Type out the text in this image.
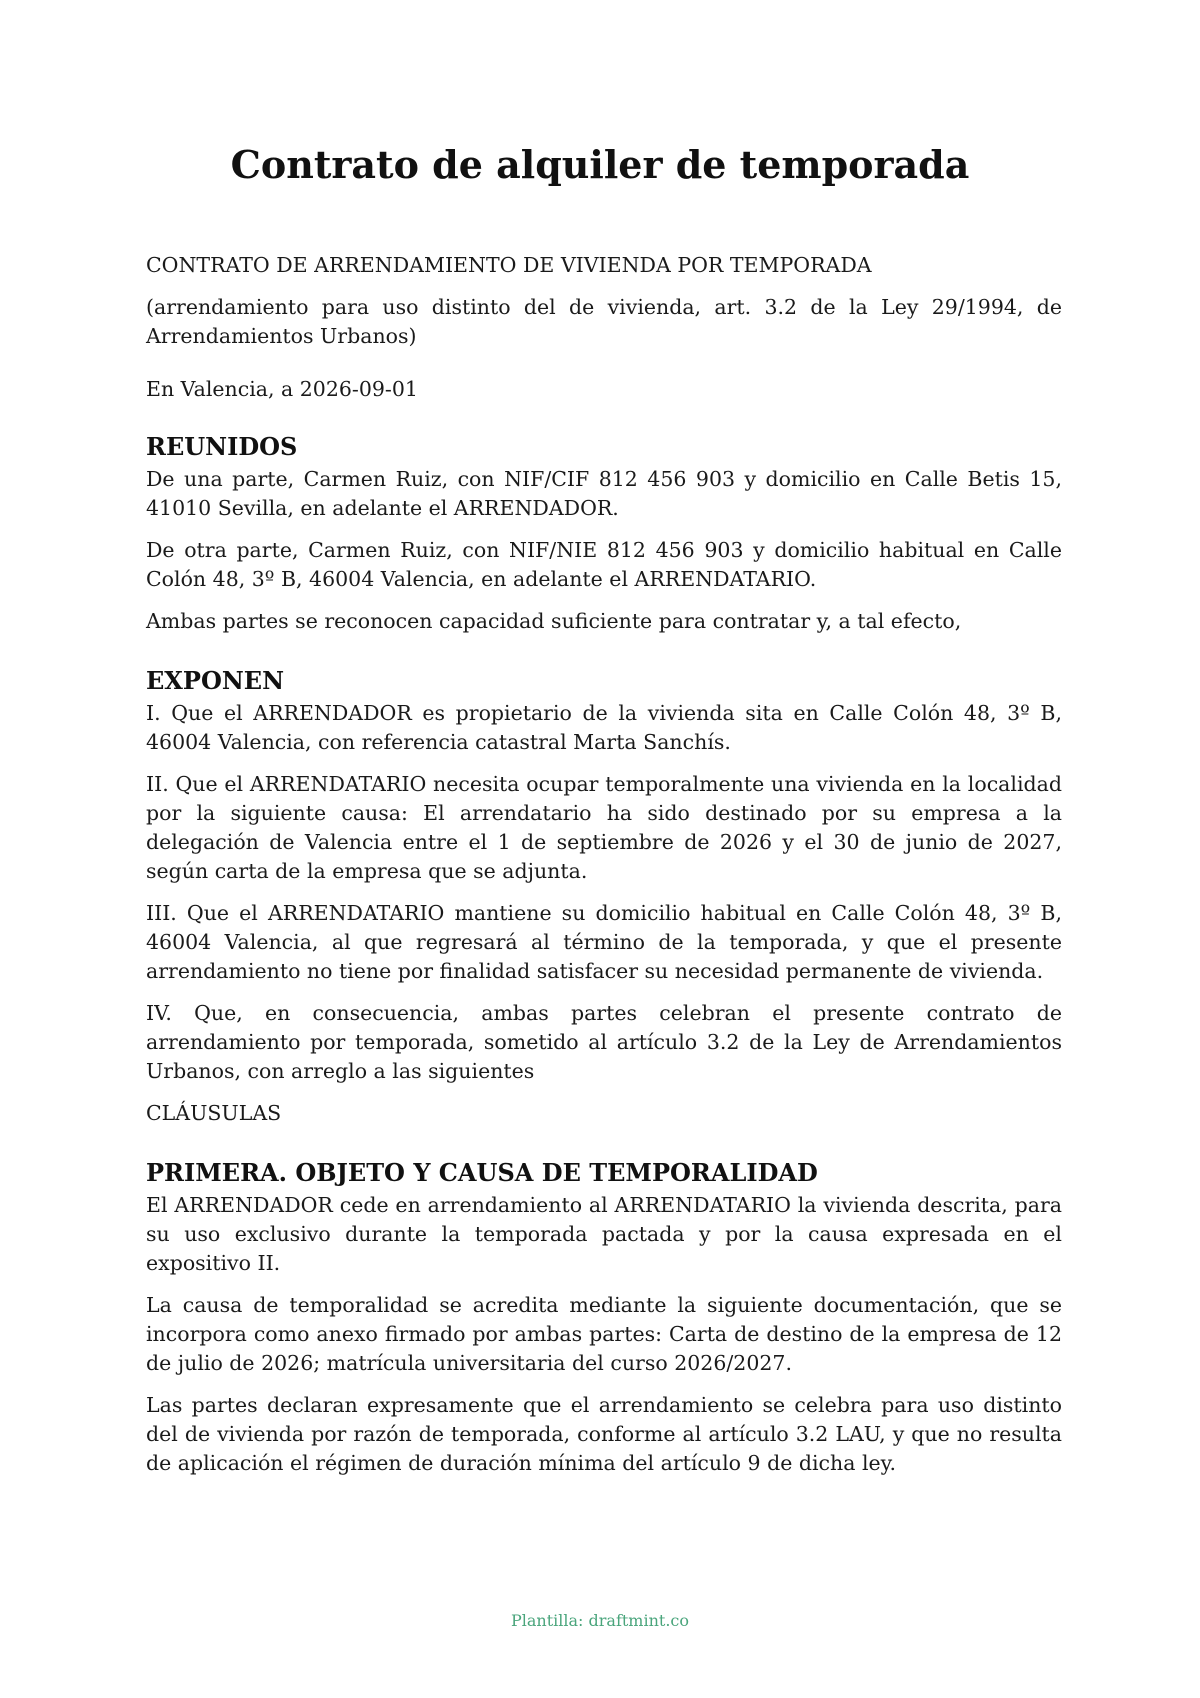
Contrato de alquiler de temporada

CONTRATO DE ARRENDAMIENTO DE VIVIENDA POR TEMPORADA

(arrendamiento para uso distinto del de vivienda, art. 3.2 de la Ley 29/1994, de Arrendamientos Urbanos)

En Valencia, a 2026-09-01

REUNIDOS

De una parte, Carmen Ruiz, con NIF/CIF 812 456 903 y domicilio en Calle Betis 15, 41010 Sevilla, en adelante el ARRENDADOR.

De otra parte, Carmen Ruiz, con NIF/NIE 812 456 903 y domicilio habitual en Calle Colón 48, 3º B, 46004 Valencia, en adelante el ARRENDATARIO.

Ambas partes se reconocen capacidad suficiente para contratar y, a tal efecto,

EXPONEN

I. Que el ARRENDADOR es propietario de la vivienda sita en Calle Colón 48, 3º B, 46004 Valencia, con referencia catastral Marta Sanchís.

II. Que el ARRENDATARIO necesita ocupar temporalmente una vivienda en la localidad por la siguiente causa: El arrendatario ha sido destinado por su empresa a la delegación de Valencia entre el 1 de septiembre de 2026 y el 30 de junio de 2027, según carta de la empresa que se adjunta.

III. Que el ARRENDATARIO mantiene su domicilio habitual en Calle Colón 48, 3º B, 46004 Valencia, al que regresará al término de la temporada, y que el presente arrendamiento no tiene por finalidad satisfacer su necesidad permanente de vivienda.

IV. Que, en consecuencia, ambas partes celebran el presente contrato de arrendamiento por temporada, sometido al artículo 3.2 de la Ley de Arrendamientos Urbanos, con arreglo a las siguientes

CLÁUSULAS

PRIMERA. OBJETO Y CAUSA DE TEMPORALIDAD

El ARRENDADOR cede en arrendamiento al ARRENDATARIO la vivienda descrita, para su uso exclusivo durante la temporada pactada y por la causa expresada en el expositivo II.

La causa de temporalidad se acredita mediante la siguiente documentación, que se incorpora como anexo firmado por ambas partes: Carta de destino de la empresa de 12 de julio de 2026; matrícula universitaria del curso 2026/2027.

Las partes declaran expresamente que el arrendamiento se celebra para uso distinto del de vivienda por razón de temporada, conforme al artículo 3.2 LAU, y que no resulta de aplicación el régimen de duración mínima del artículo 9 de dicha ley.

Plantilla: draftmint.co
